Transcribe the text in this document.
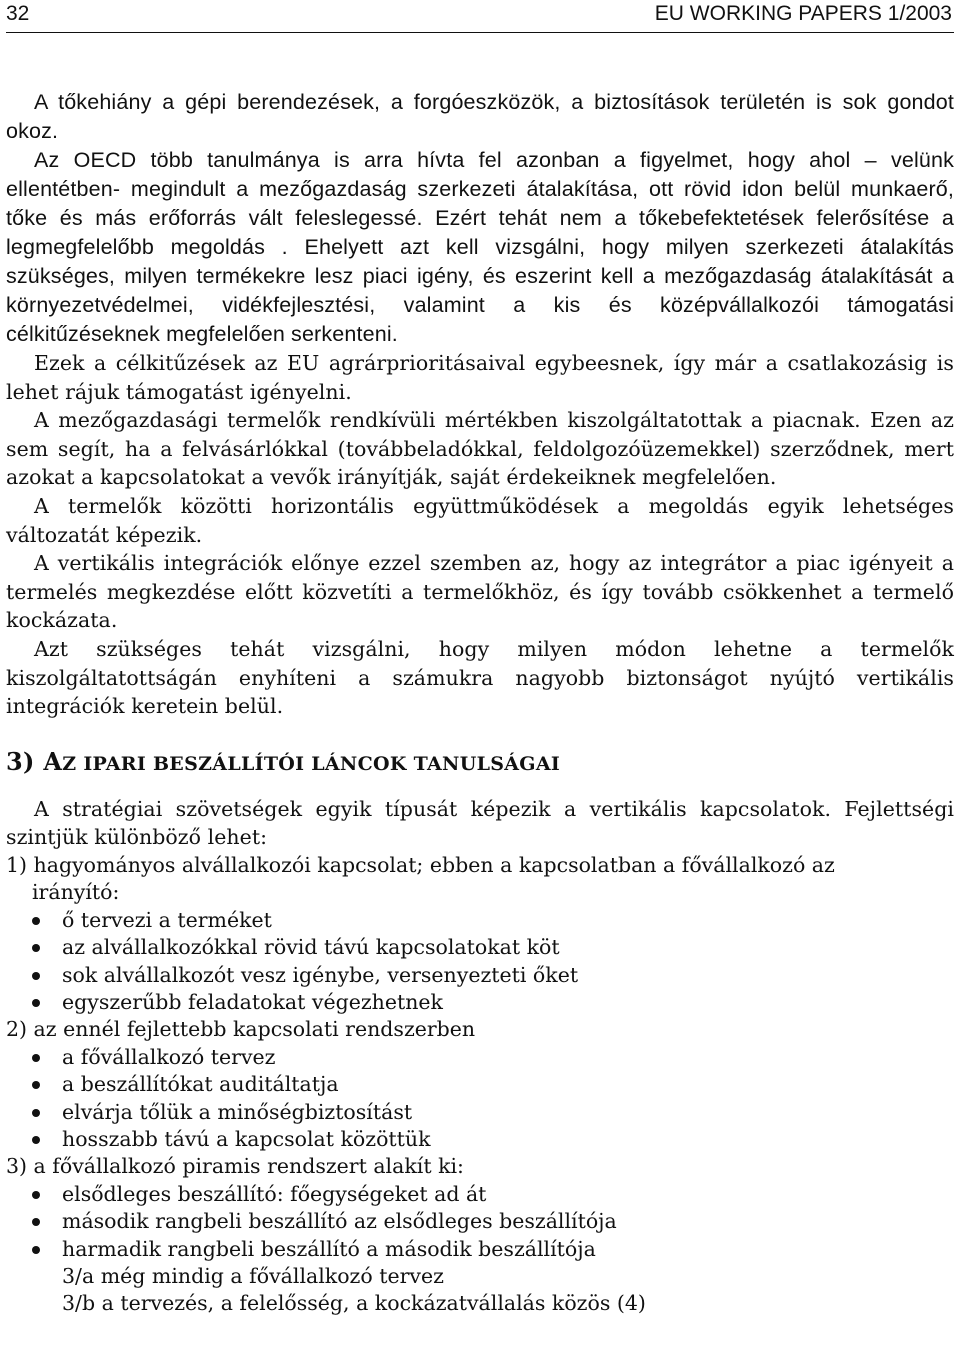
32	EU WORKING PAPERS 1/2003

A tőkehiány a gépi berendezések, a forgóeszközök, a biztosítások területén is sok gondot okoz.

Az OECD több tanulmánya is arra hívta fel azonban a figyelmet, hogy ahol – velünk ellentétben- megindult a mezőgazdaság szerkezeti átalakítása, ott rövid idon belül munkaerő, tőke és más erőforrás vált feleslegessé. Ezért tehát nem a tőkebefektetések felerősítése a legmegfelelőbb megoldás . Ehelyett azt kell vizsgálni, hogy milyen szerkezeti átalakítás szükséges, milyen termékekre lesz piaci igény, és eszerint kell a mezőgazdaság átalakítását a környezetvédelmei, vidékfejlesztési, valamint a kis és középvállalkozói támogatási célkitűzéseknek megfelelően serkenteni.

Ezek a célkitűzések az EU agrárprioritásaival egybeesnek, így már a csatlakozásig is lehet rájuk támogatást igényelni.

A mezőgazdasági termelők rendkívüli mértékben kiszolgáltatottak a piacnak. Ezen az sem segít, ha a felvásárlókkal (továbbeladókkal, feldolgozóüzemekkel) szerződnek, mert azokat a kapcsolatokat a vevők irányítják, saját érdekeiknek megfelelően.

A termelők közötti horizontális együttműködések a megoldás egyik lehetséges változatát képezik.

A vertikális integrációk előnye ezzel szemben az, hogy az integrátor a piac igényeit a termelés megkezdése előtt közvetíti a termelőkhöz, és így tovább csökkenhet a termelő kockázata.

Azt szükséges tehát vizsgálni, hogy milyen módon lehetne a termelők kiszolgáltatottságán enyhíteni a számukra nagyobb biztonságot nyújtó vertikális integrációk keretein belül.

3) AZ IPARI BESZÁLLÍTÓI LÁNCOK TANULSÁGAI

A stratégiai szövetségek egyik típusát képezik a vertikális kapcsolatok. Fejlettségi szintjük különböző lehet:

1) hagyományos alvállalkozói kapcsolat; ebben a kapcsolatban a fővállalkozó az
irányító:
ő tervezi a terméket
az alvállalkozókkal rövid távú kapcsolatokat köt
sok alvállalkozót vesz igénybe, versenyezteti őket
egyszerűbb feladatokat végezhetnek
2) az ennél fejlettebb kapcsolati rendszerben
a fővállalkozó tervez
a beszállítókat auditáltatja
elvárja tőlük a minőségbiztosítást
hosszabb távú a kapcsolat közöttük
3) a fővállalkozó piramis rendszert alakít ki:
elsődleges beszállító: főegységeket ad át
második rangbeli beszállító az elsődleges beszállítója
harmadik rangbeli beszállító a második beszállítója
3/a még mindig a fővállalkozó tervez
3/b a tervezés, a felelősség, a kockázatvállalás közös (4)
